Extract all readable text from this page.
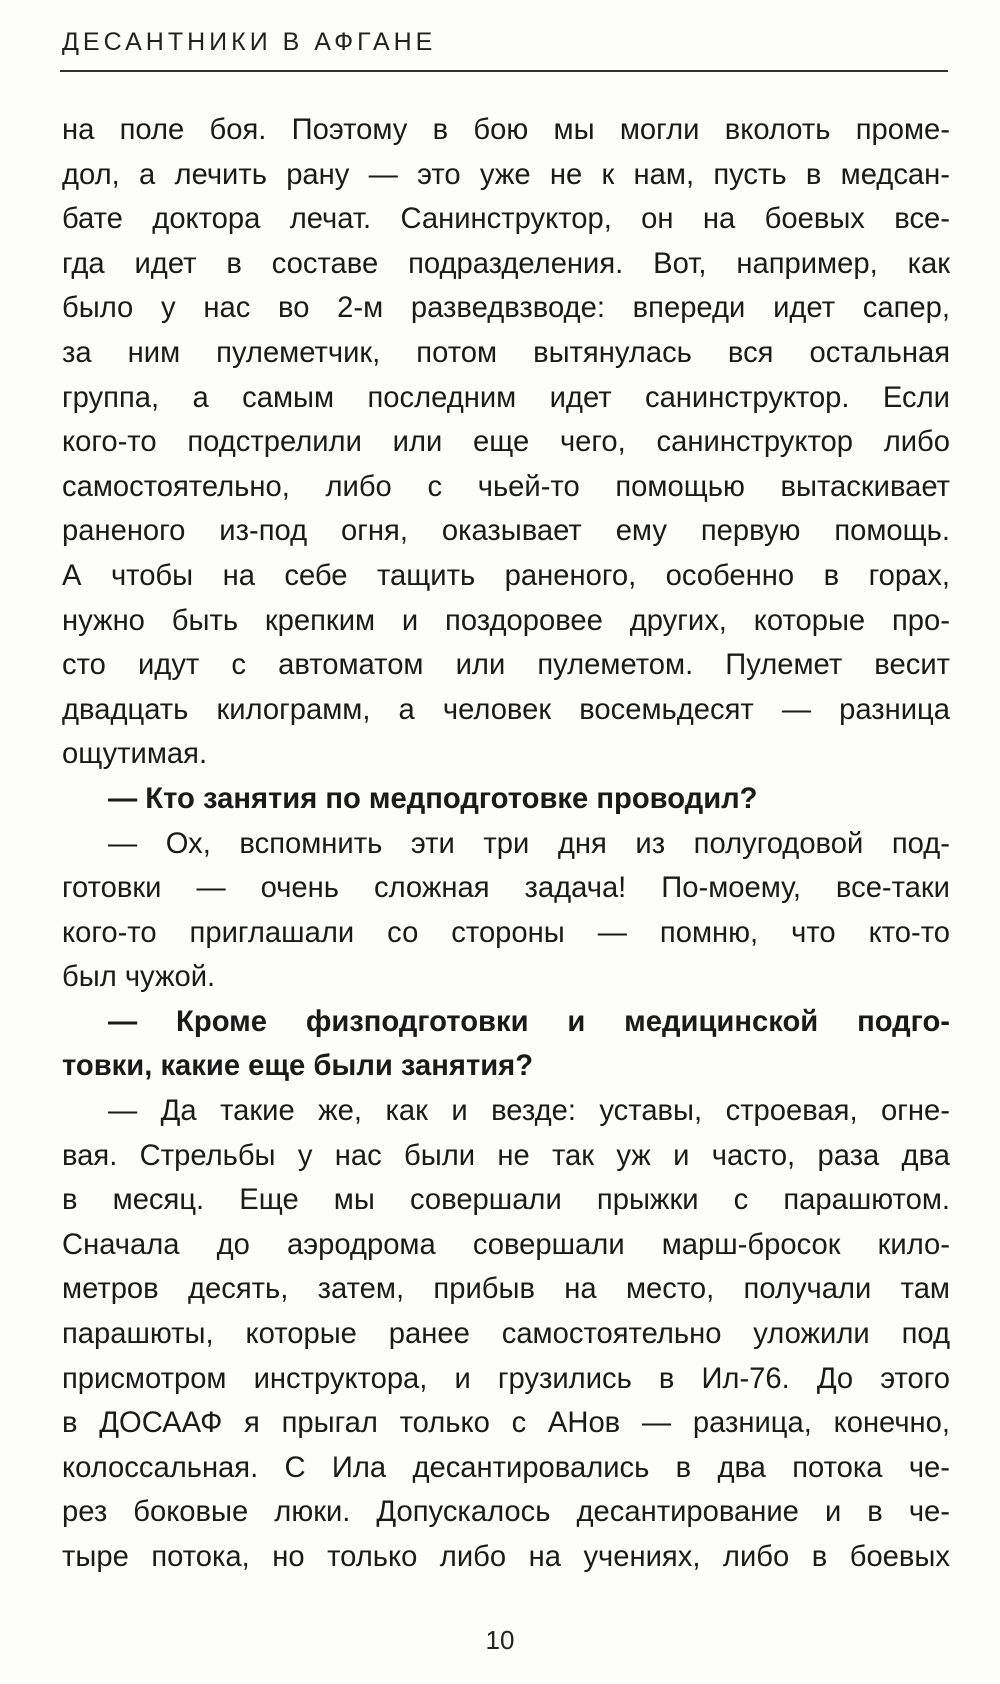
ДЕСАНТНИКИ В АФГАНЕ
на поле боя. Поэтому в бою мы могли вколоть проме-
дол, а лечить рану — это уже не к нам, пусть в медсан-
бате доктора лечат. Санинструктор, он на боевых все-
гда идет в составе подразделения. Вот, например, как
было у нас во 2-м разведвзводе: впереди идет сапер,
за ним пулеметчик, потом вытянулась вся остальная
группа, а самым последним идет санинструктор. Если
кого-то подстрелили или еще чего, санинструктор либо
самостоятельно, либо с чьей-то помощью вытаскивает
раненого из-под огня, оказывает ему первую помощь.
А чтобы на себе тащить раненого, особенно в горах,
нужно быть крепким и поздоровее других, которые про-
сто идут с автоматом или пулеметом. Пулемет весит
двадцать килограмм, а человек восемьдесят — разница
ощутимая.
— Кто занятия по медподготовке проводил?
— Ох, вспомнить эти три дня из полугодовой под-
готовки — очень сложная задача! По-моему, все-таки
кого-то приглашали со стороны — помню, что кто-то
был чужой.
— Кроме физподготовки и медицинской подго-
товки, какие еще были занятия?
— Да такие же, как и везде: уставы, строевая, огне-
вая. Стрельбы у нас были не так уж и часто, раза два
в месяц. Еще мы совершали прыжки с парашютом.
Сначала до аэродрома совершали марш-бросок кило-
метров десять, затем, прибыв на место, получали там
парашюты, которые ранее самостоятельно уложили под
присмотром инструктора, и грузились в Ил-76. До этого
в ДОСААФ я прыгал только с АНов — разница, конечно,
колоссальная. С Ила десантировались в два потока че-
рез боковые люки. Допускалось десантирование и в че-
тыре потока, но только либо на учениях, либо в боевых
10
